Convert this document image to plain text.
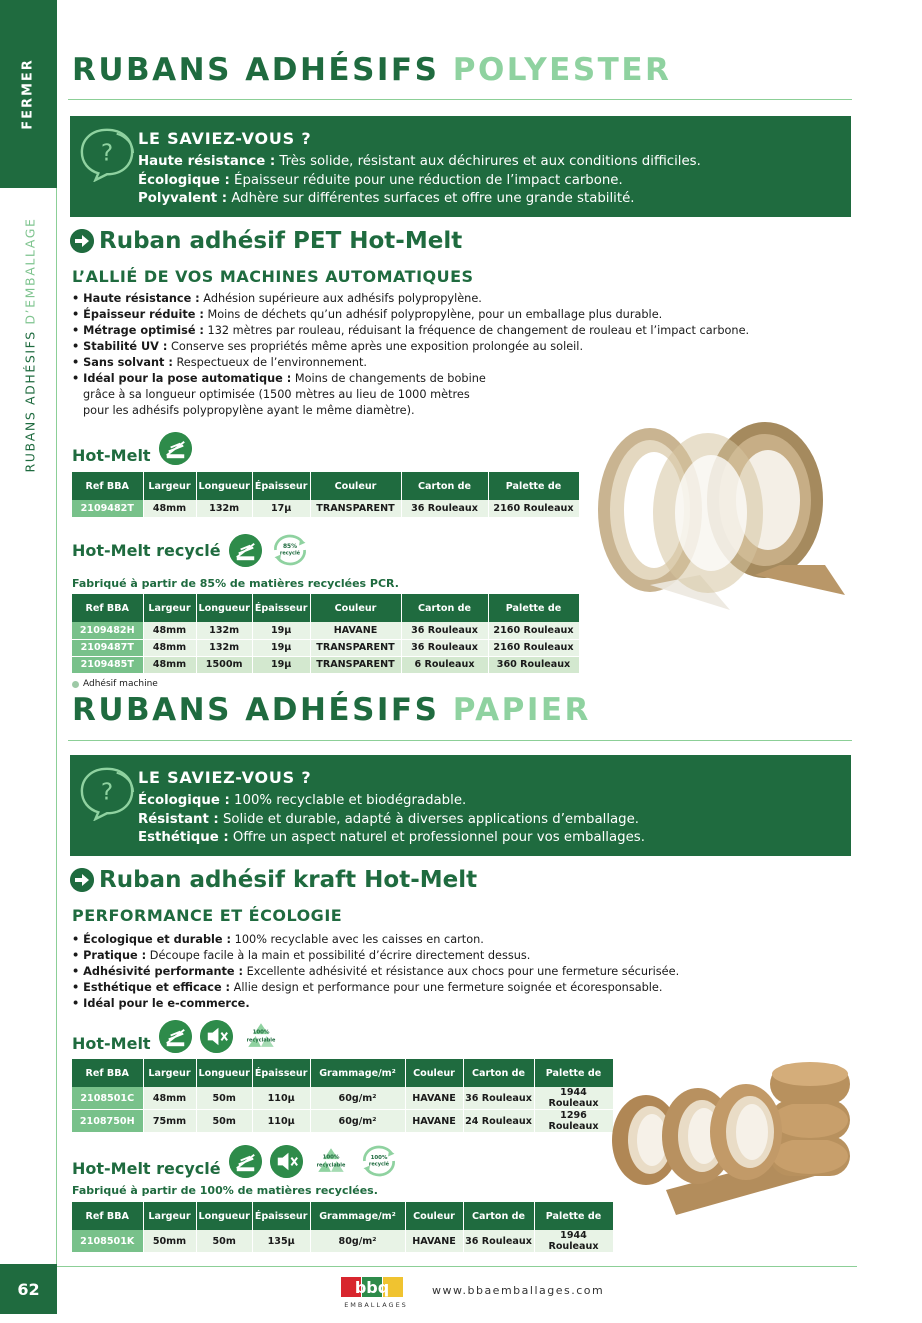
FERMER
RUBANS ADHÉSIFS D’EMBALLAGE
62
RUBANS ADHÉSIFS POLYESTER
?
LE SAVIEZ-VOUS ?
Haute résistance : Très solide, résistant aux déchirures et aux conditions difficiles.
Écologique : Épaisseur réduite pour une réduction de l’impact carbone.
Polyvalent : Adhère sur différentes surfaces et offre une grande stabilité.
Ruban adhésif PET Hot-Melt
L’ALLIÉ DE VOS MACHINES AUTOMATIQUES
• Haute résistance : Adhésion supérieure aux adhésifs polypropylène.
• Épaisseur réduite : Moins de déchets qu’un adhésif polypropylène, pour un emballage plus durable.
• Métrage optimisé : 132 mètres par rouleau, réduisant la fréquence de changement de rouleau et l’impact carbone.
• Stabilité UV : Conserve ses propriétés même après une exposition prolongée au soleil.
• Sans solvant : Respectueux de l’environnement.
• Idéal pour la pose automatique : Moins de changements de bobine
grâce à sa longueur optimisée (1500 mètres au lieu de 1000 mètres
pour les adhésifs polypropylène ayant le même diamètre).
Hot-Melt
Ref BBA	Largeur	Longueur	Épaisseur	Couleur	Carton de	Palette de
2109482T	48mm	132m	17µ	TRANSPARENT	36 Rouleaux	2160 Rouleaux
Hot-Melt recyclé	85%
recyclé
Fabriqué à partir de 85% de matières recyclées PCR.
Ref BBA	Largeur	Longueur	Épaisseur	Couleur	Carton de	Palette de
2109482H	48mm	132m	19µ	HAVANE	36 Rouleaux	2160 Rouleaux
2109487T	48mm	132m	19µ	TRANSPARENT	36 Rouleaux	2160 Rouleaux
2109485T	48mm	1500m	19µ	TRANSPARENT	6 Rouleaux	360 Rouleaux
Adhésif machine
RUBANS ADHÉSIFS PAPIER
?
LE SAVIEZ-VOUS ?
Écologique : 100% recyclable et biodégradable.
Résistant : Solide et durable, adapté à diverses applications d’emballage.
Esthétique : Offre un aspect naturel et professionnel pour vos emballages.
Ruban adhésif kraft Hot-Melt
PERFORMANCE ET ÉCOLOGIE
• Écologique et durable : 100% recyclable avec les caisses en carton.
• Pratique : Découpe facile à la main et possibilité d’écrire directement dessus.
• Adhésivité performante : Excellente adhésivité et résistance aux chocs pour une fermeture sécurisée.
• Esthétique et efficace : Allie design et performance pour une fermeture soignée et écoresponsable.
• Idéal pour le e-commerce.
Hot-Melt
100%
recyclable
Ref BBA	Largeur	Longueur	Épaisseur	Grammage/m²	Couleur	Carton de	Palette de
2108501C	48mm	50m	110µ	60g/m²	HAVANE	36 Rouleaux	1944 Rouleaux
2108750H	75mm	50m	110µ	60g/m²	HAVANE	24 Rouleaux	1296 Rouleaux
Hot-Melt recyclé
100%
recyclable
100%
recyclé
Fabriqué à partir de 100% de matières recyclées.
Ref BBA	Largeur	Longueur	Épaisseur	Grammage/m²	Couleur	Carton de	Palette de
2108501K	50mm	50m	135µ	80g/m²	HAVANE	36 Rouleaux	1944 Rouleaux
bbq
EMBALLAGES
www.bbaemballages.com
